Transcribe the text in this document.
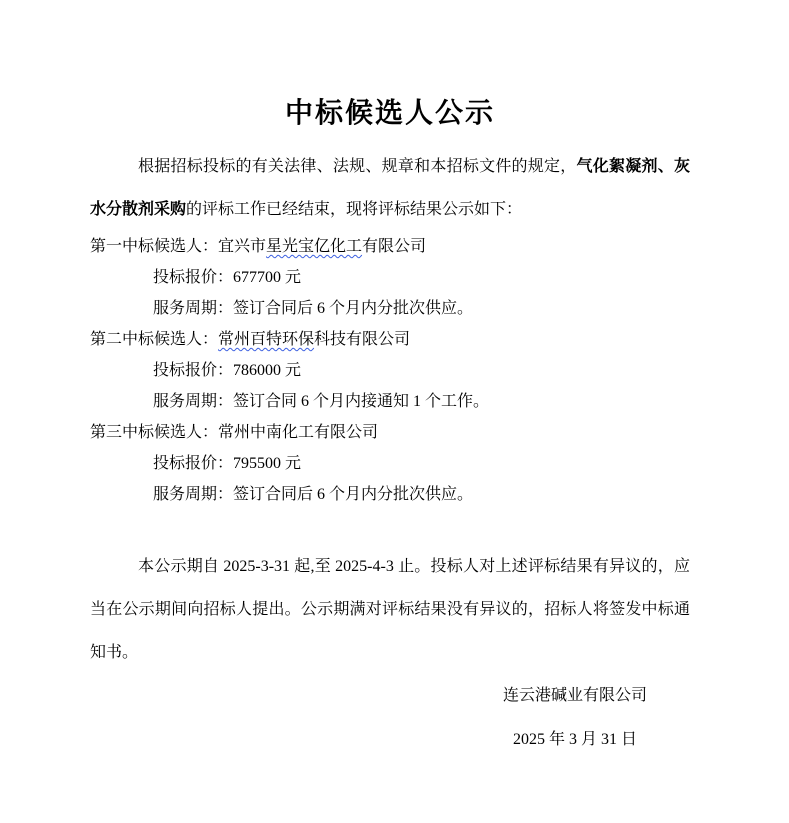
中标候选人公示

根据招标投标的有关法律、法规、规章和本招标文件的规定，气化絮凝剂、灰水分散剂采购的评标工作已经结束，现将评标结果公示如下：

第一中标候选人：宜兴市星光宝亿化工有限公司
投标报价：677700 元
服务周期：签订合同后 6 个月内分批次供应。
第二中标候选人：常州百特环保科技有限公司
投标报价：786000 元
服务周期：签订合同 6 个月内接通知 1 个工作。
第三中标候选人：常州中南化工有限公司
投标报价：795500 元
服务周期：签订合同后 6 个月内分批次供应。

本公示期自 2025-3-31 起,至 2025-4-3 止。投标人对上述评标结果有异议的，应当在公示期间向招标人提出。公示期满对评标结果没有异议的，招标人将签发中标通知书。

连云港碱业有限公司
2025 年 3 月 31 日
